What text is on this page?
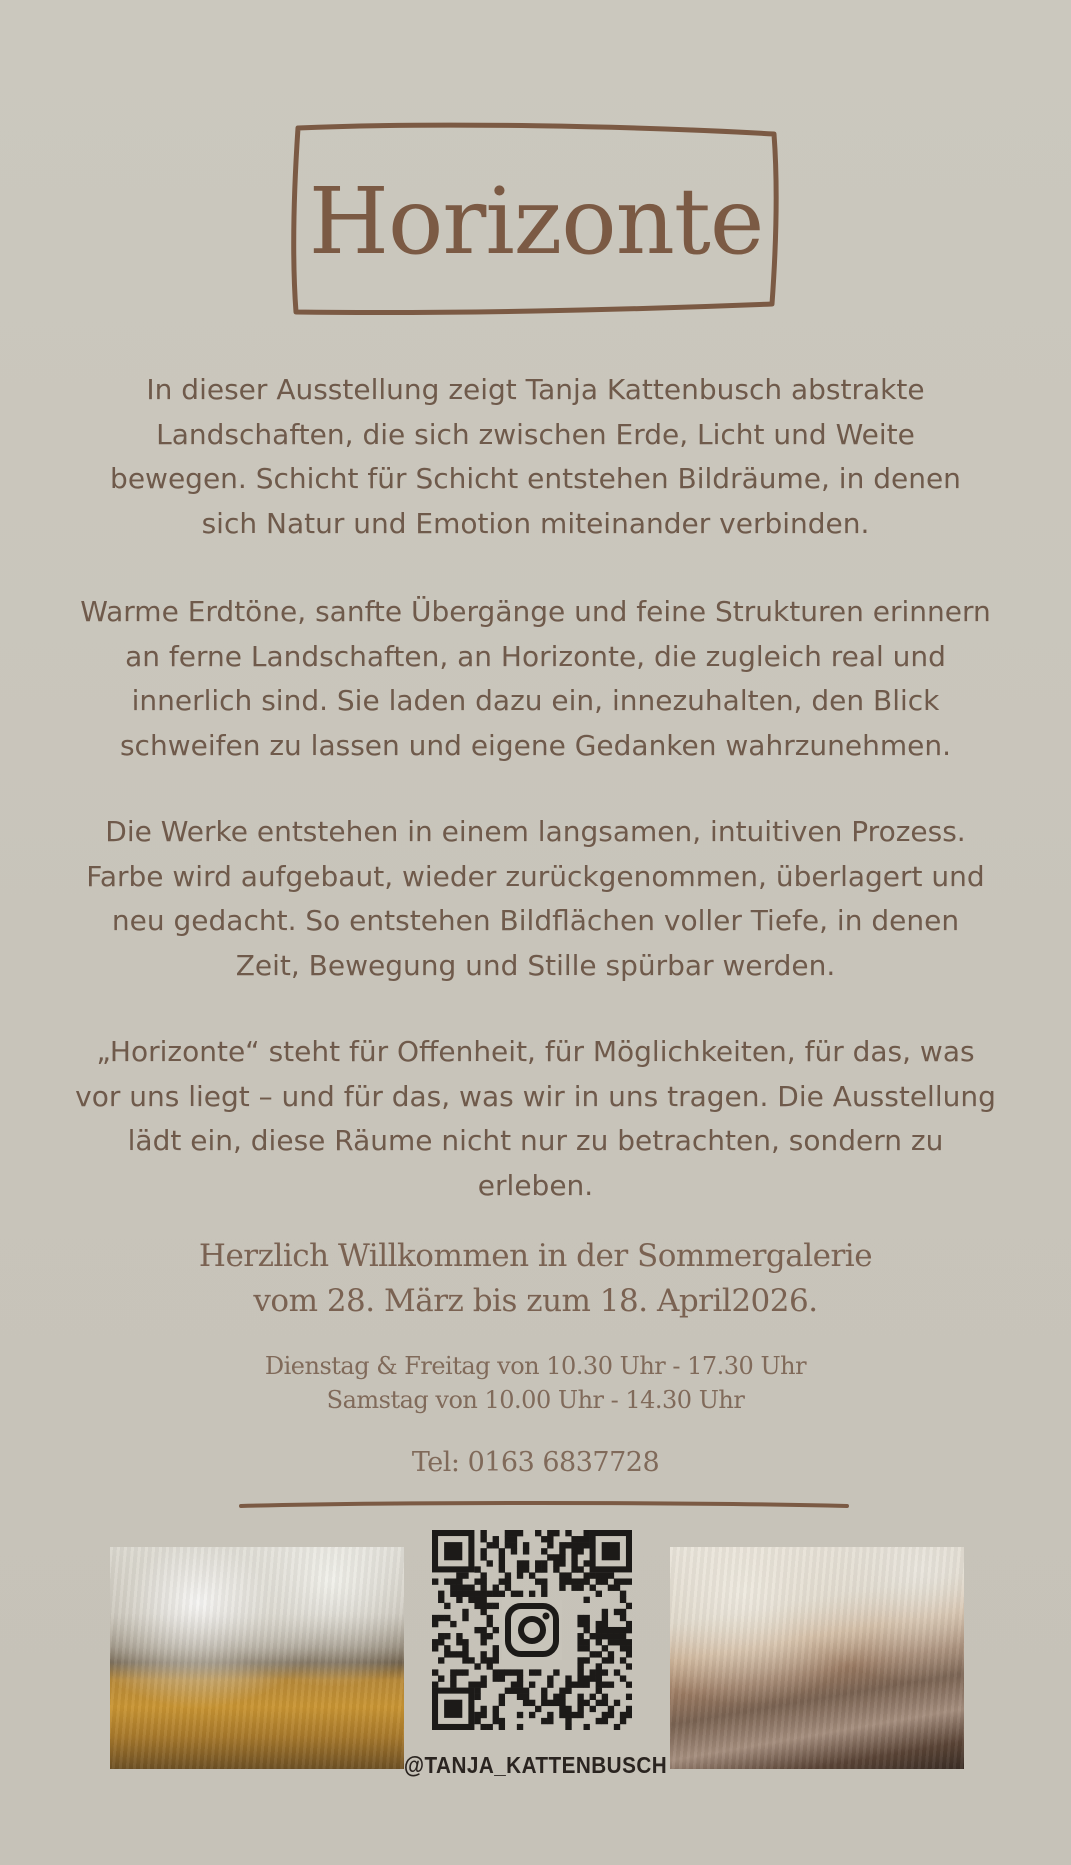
Horizonte
In dieser Ausstellung zeigt Tanja Kattenbusch abstrakte
Landschaften, die sich zwischen Erde, Licht und Weite
bewegen. Schicht für Schicht entstehen Bildräume, in denen
sich Natur und Emotion miteinander verbinden.
Warme Erdtöne, sanfte Übergänge und feine Strukturen erinnern
an ferne Landschaften, an Horizonte, die zugleich real und
innerlich sind. Sie laden dazu ein, innezuhalten, den Blick
schweifen zu lassen und eigene Gedanken wahrzunehmen.
Die Werke entstehen in einem langsamen, intuitiven Prozess.
Farbe wird aufgebaut, wieder zurückgenommen, überlagert und
neu gedacht. So entstehen Bildflächen voller Tiefe, in denen
Zeit, Bewegung und Stille spürbar werden.
„Horizonte“ steht für Offenheit, für Möglichkeiten, für das, was
vor uns liegt – und für das, was wir in uns tragen. Die Ausstellung
lädt ein, diese Räume nicht nur zu betrachten, sondern zu
erleben.
Herzlich Willkommen in der Sommergalerie
vom 28. März bis zum 18. April2026.
Dienstag & Freitag von 10.30 Uhr - 17.30 Uhr
Samstag von 10.00 Uhr - 14.30 Uhr
Tel: 0163 6837728
@TANJA_KATTENBUSCH
